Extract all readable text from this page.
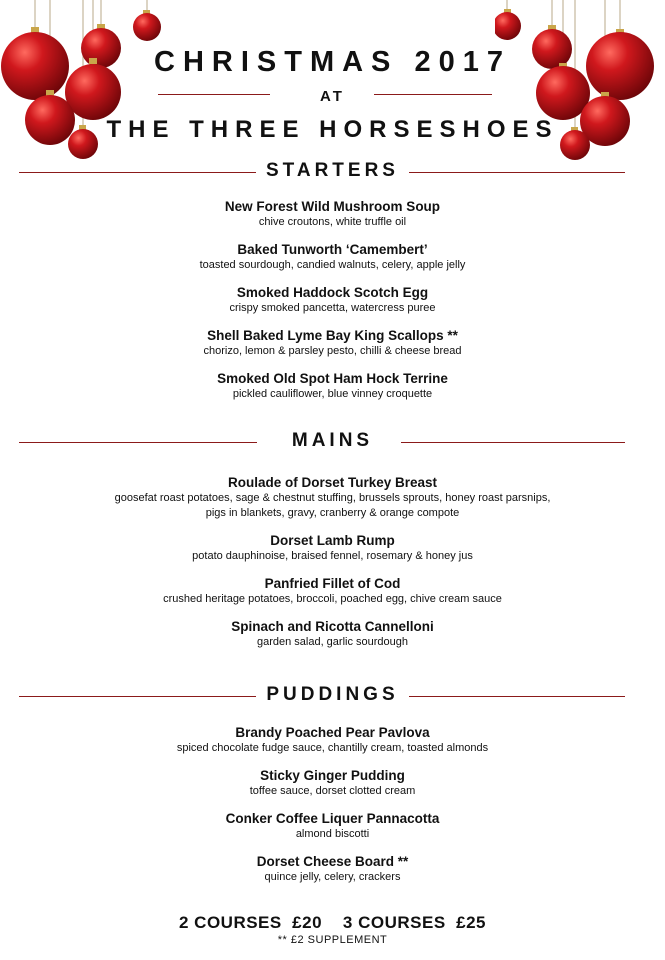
CHRISTMAS 2017
AT
THE THREE HORSESHOES
STARTERS
New Forest Wild Mushroom Soup
chive croutons, white truffle oil
Baked Tunworth ‘Camembert’
toasted sourdough, candied walnuts, celery, apple jelly
Smoked Haddock Scotch Egg
crispy smoked pancetta, watercress puree
Shell Baked Lyme Bay King Scallops **
chorizo, lemon & parsley pesto, chilli & cheese bread
Smoked Old Spot Ham Hock Terrine
pickled cauliflower, blue vinney croquette
MAINS
Roulade of Dorset Turkey Breast
goosefat roast potatoes, sage & chestnut stuffing, brussels sprouts, honey roast parsnips,
pigs in blankets, gravy, cranberry & orange compote
Dorset Lamb Rump
potato dauphinoise, braised fennel, rosemary & honey jus
Panfried Fillet of Cod
crushed heritage potatoes, broccoli, poached egg, chive cream sauce
Spinach and Ricotta Cannelloni
garden salad, garlic sourdough
PUDDINGS
Brandy Poached Pear Pavlova
spiced chocolate fudge sauce, chantilly cream, toasted almonds
Sticky Ginger Pudding
toffee sauce, dorset clotted cream
Conker Coffee Liquer Pannacotta
almond biscotti
Dorset Cheese Board **
quince jelly, celery, crackers
2 COURSES  £20    3 COURSES  £25
** £2 SUPPLEMENT
